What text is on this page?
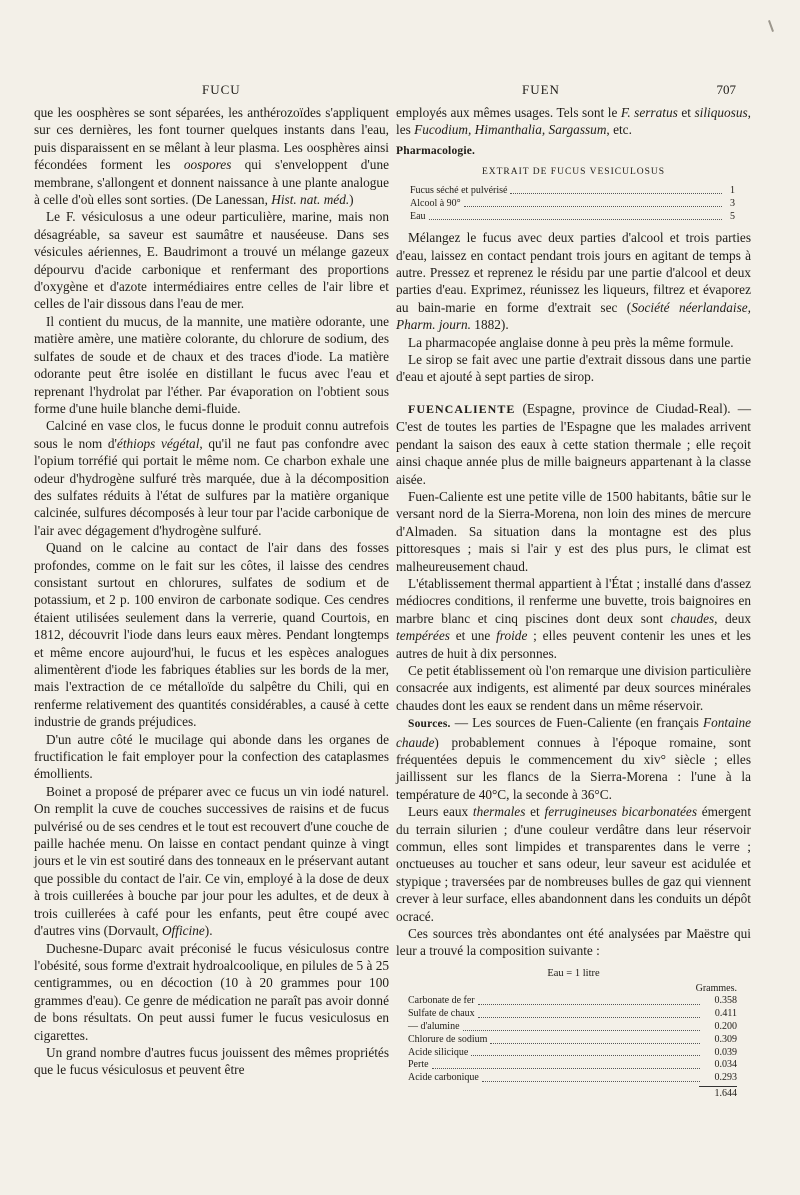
FUCU	FUEN	707

que les oosphères se sont séparées, les anthérozoïdes s'appliquent sur ces dernières, les font tourner quelques instants dans l'eau, puis disparaissent en se mêlant à leur plasma. Les oosphères ainsi fécondées forment les oospores qui s'enveloppent d'une membrane, s'allongent et donnent naissance à une plante analogue à celle d'où elles sont sorties. (De Lanessan, Hist. nat. méd.)

Le F. vésiculosus a une odeur particulière, marine, mais non désagréable, sa saveur est saumâtre et nauséeuse. Dans ses vésicules aériennes, E. Baudrimont a trouvé un mélange gazeux dépourvu d'acide carbonique et renfermant des proportions d'oxygène et d'azote intermédiaires entre celles de l'air libre et celles de l'air dissous dans l'eau de mer.

Il contient du mucus, de la mannite, une matière odorante, une matière amère, une matière colorante, du chlorure de sodium, des sulfates de soude et de chaux et des traces d'iode. La matière odorante peut être isolée en distillant le fucus avec l'eau et reprenant l'hydrolat par l'éther. Par évaporation on l'obtient sous forme d'une huile blanche demi-fluide.

Calciné en vase clos, le fucus donne le produit connu autrefois sous le nom d'éthiops végétal, qu'il ne faut pas confondre avec l'opium torréfié qui portait le même nom. Ce charbon exhale une odeur d'hydrogène sulfuré très marquée, due à la décomposition des sulfates réduits à l'état de sulfures par la matière organique calcinée, sulfures décomposés à leur tour par l'acide carbonique de l'air avec dégagement d'hydrogène sulfuré.

Quand on le calcine au contact de l'air dans des fosses profondes, comme on le fait sur les côtes, il laisse des cendres consistant surtout en chlorures, sulfates de sodium et de potassium, et 2 p. 100 environ de carbonate sodique. Ces cendres étaient utilisées seulement dans la verrerie, quand Courtois, en 1812, découvrit l'iode dans leurs eaux mères. Pendant longtemps et même encore aujourd'hui, le fucus et les espèces analogues alimentèrent d'iode les fabriques établies sur les bords de la mer, mais l'extraction de ce métalloïde du salpêtre du Chili, qui en renferme relativement des quantités considérables, a causé à cette industrie de grands préjudices.

D'un autre côté le mucilage qui abonde dans les organes de fructification le fait employer pour la confection des cataplasmes émollients.

Boinet a proposé de préparer avec ce fucus un vin iodé naturel. On remplit la cuve de couches successives de raisins et de fucus pulvérisé ou de ses cendres et le tout est recouvert d'une couche de paille hachée menu. On laisse en contact pendant quinze à vingt jours et le vin est soutiré dans des tonneaux en le préservant autant que possible du contact de l'air. Ce vin, employé à la dose de deux à trois cuillerées à bouche par jour pour les adultes, et de deux à trois cuillerées à café pour les enfants, peut être coupé avec d'autres vins (Dorvault, Officine).

Duchesne-Duparc avait préconisé le fucus vésiculosus contre l'obésité, sous forme d'extrait hydroalcoolique, en pilules de 5 à 25 centigrammes, ou en décoction (10 à 20 grammes pour 100 grammes d'eau). Ce genre de médication ne paraît pas avoir donné de bons résultats. On peut aussi fumer le fucus vesiculosus en cigarettes.

Un grand nombre d'autres fucus jouissent des mêmes propriétés que le fucus vésiculosus et peuvent être

employés aux mêmes usages. Tels sont le F. serratus et siliquosus, les Fucodium, Himanthalia, Sargassum, etc.

Pharmacologie.

EXTRAIT DE FUCUS VESICULOSUS
Fucus séché et pulvérisé	1
Alcool à 90°	3
Eau	5

Mélangez le fucus avec deux parties d'alcool et trois parties d'eau, laissez en contact pendant trois jours en agitant de temps à autre. Pressez et reprenez le résidu par une partie d'alcool et deux parties d'eau. Exprimez, réunissez les liqueurs, filtrez et évaporez au bain-marie en forme d'extrait sec (Société néerlandaise, Pharm. journ. 1882).

La pharmacopée anglaise donne à peu près la même formule.

Le sirop se fait avec une partie d'extrait dissous dans une partie d'eau et ajouté à sept parties de sirop.

FUENCALIENTE (Espagne, province de Ciudad-Real). — C'est de toutes les parties de l'Espagne que les malades arrivent pendant la saison des eaux à cette station thermale ; elle reçoit ainsi chaque année plus de mille baigneurs appartenant à la classe aisée.

Fuen-Caliente est une petite ville de 1500 habitants, bâtie sur le versant nord de la Sierra-Morena, non loin des mines de mercure d'Almaden. Sa situation dans la montagne est des plus pittoresques ; mais si l'air y est des plus purs, le climat est malheureusement chaud.

L'établissement thermal appartient à l'État ; installé dans d'assez médiocres conditions, il renferme une buvette, trois baignoires en marbre blanc et cinq piscines dont deux sont chaudes, deux tempérées et une froide ; elles peuvent contenir les unes et les autres de huit à dix personnes.

Ce petit établissement où l'on remarque une division particulière consacrée aux indigents, est alimenté par deux sources minérales chaudes dont les eaux se rendent dans un même réservoir.

Sources. — Les sources de Fuen-Caliente (en français Fontaine chaude) probablement connues à l'époque romaine, sont fréquentées depuis le commencement du xiv° siècle ; elles jaillissent sur les flancs de la Sierra-Morena : l'une à la température de 40°C, la seconde à 36°C.

Leurs eaux thermales et ferrugineuses bicarbonatées émergent du terrain silurien ; d'une couleur verdâtre dans leur réservoir commun, elles sont limpides et transparentes dans le verre ; onctueuses au toucher et sans odeur, leur saveur est acidulée et stypique ; traversées par de nombreuses bulles de gaz qui viennent crever à leur surface, elles abandonnent dans les conduits un dépôt ocracé.

Ces sources très abondantes ont été analysées par Maëstre qui leur a trouvé la composition suivante :

Eau = 1 litre
Grammes.
Carbonate de fer	0.358
Sulfate de chaux	0.411
— d'alumine	0.200
Chlorure de sodium	0.309
Acide silicique	0.039
Perte	0.034
Acide carbonique	0.293
1.644
